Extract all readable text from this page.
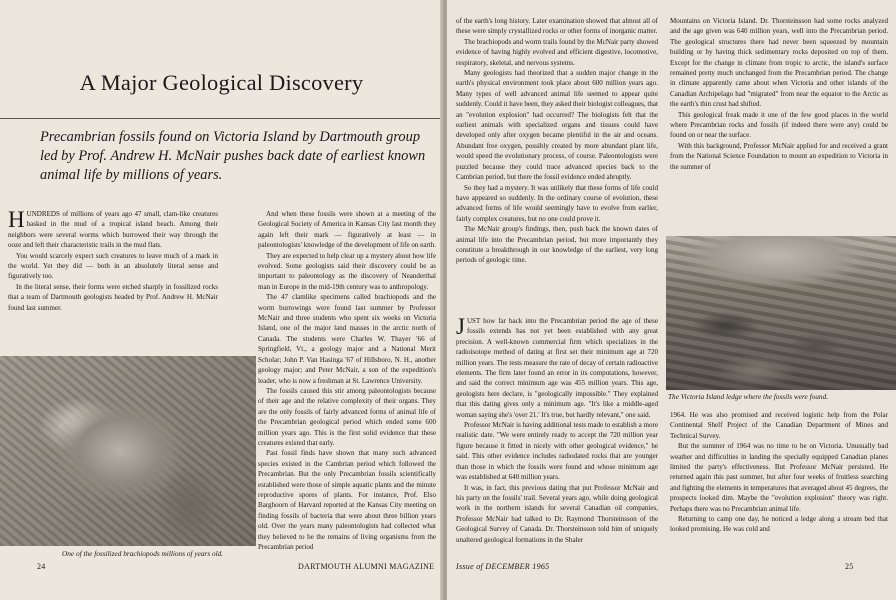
A Major Geological Discovery
Precambrian fossils found on Victoria Island by Dartmouth group led by Prof. Andrew H. McNair pushes back date of earliest known animal life by millions of years.

HUNDREDS of millions of years ago 47 small, clam-like creatures basked in the mud of a tropical island beach. Among their neighbors were several worms which burrowed their way through the ooze and left their characteristic trails in the mud flats.

You would scarcely expect such creatures to leave much of a mark in the world. Yet they did — both in an absolutely literal sense and figuratively too.

In the literal sense, their forms were etched sharply in fossilized rocks that a team of Dartmouth geologists headed by Prof. Andrew H. McNair found last summer.

And when these fossils were shown at a meeting of the Geological Society of America in Kansas City last month they again left their mark — figuratively at least — in paleontologists' knowledge of the development of life on earth.

They are expected to help clear up a mystery about how life evolved. Some geologists said their discovery could be as important to paleontology as the discovery of Neanderthal man in Europe in the mid-19th century was to anthropology.

The 47 clamlike specimens called brachiopods and the worm burrowings were found last summer by Professor McNair and three students who spent six weeks on Victoria Island, one of the major land masses in the arctic north of Canada. The students were Charles W. Thayer '66 of Springfield, Vt., a geology major and a National Merit Scholar; John P. Van Hasinga '67 of Hillsboro, N. H., another geology major; and Peter McNair, a son of the expedition's leader, who is now a freshman at St. Lawrence University.

The fossils caused this stir among paleontologists because of their age and the relative complexity of their organs. They are the only fossils of fairly advanced forms of animal life of the Precambrian geological period which ended some 600 million years ago. This is the first solid evidence that these creatures existed that early.

Past fossil finds have shown that many such advanced species existed in the Cambrian period which followed the Precambrian. But the only Precambrian fossils scientifically established were those of simple aquatic plants and the minute reproductive spores of plants. For instance, Prof. Elso Barghoorn of Harvard reported at the Kansas City meeting on finding fossils of bacteria that were about three billion years old. Over the years many paleontologists had collected what they believed to be the remains of living organisms from the Precambrian period

One of the fossilized brachiopods millions of years old.
24	DARTMOUTH ALUMNI MAGAZINE

of the earth's long history. Later examination showed that almost all of these were simply crystallized rocks or other forms of inorganic matter.

The brachiopods and worm trails found by the McNair party showed evidence of having highly evolved and efficient digestive, locomotive, respiratory, skeletal, and nervous systems.

Many geologists had theorized that a sudden major change in the earth's physical environment took place about 600 million years ago. Many types of well advanced animal life seemed to appear quite suddenly. Could it have been, they asked their biologist colleagues, that an "evolution explosion" had occurred? The biologists felt that the earliest animals with specialized organs and tissues could have developed only after oxygen became plentiful in the air and oceans. Abundant free oxygen, possibly created by more abundant plant life, would speed the evolutionary process, of course. Paleontologists were puzzled because they could trace advanced species back to the Cambrian period, but there the fossil evidence ended abruptly.

So they had a mystery. It was unlikely that these forms of life could have appeared so suddenly. In the ordinary course of evolution, these advanced forms of life would seemingly have to evolve from earlier, fairly complex creatures, but no one could prove it.

The McNair group's findings, then, push back the known dates of animal life into the Precambrian period, but more importantly they constitute a breakthrough in our knowledge of the earliest, very long periods of geologic time.

JUST how far back into the Precambrian period the age of these fossils extends has not yet been established with any great precision. A well-known commercial firm which specializes in the radioisotope method of dating at first set their minimum age at 720 million years. The tests measure the rate of decay of certain radioactive elements. The firm later found an error in its computations, however, and said the correct minimum age was 455 million years. This age, geologists here declare, is "geologically impossible." They explained that this dating gives only a minimum age. "It's like a middle-aged woman saying she's 'over 21.' It's true, but hardly relevant," one said.

Professor McNair is having additional tests made to establish a more realistic date. "We were entirely ready to accept the 720 million year figure because it fitted in nicely with other geological evidence," he said. This other evidence includes radiodated rocks that are younger than those in which the fossils were found and whose minimum age was established at 640 million years.

It was, in fact, this previous dating that put Professor McNair and his party on the fossils' trail. Several years ago, while doing geological work in the northern islands for several Canadian oil companies, Professor McNair had talked to Dr. Raymond Thorsteinsson of the Geological Survey of Canada. Dr. Thorsteinsson told him of uniquely unaltered geological formations in the Shaler

Mountains on Victoria Island. Dr. Thorsteinsson had some rocks analyzed and the age given was 640 million years, well into the Precambrian period. The geological structures there had never been squeezed by mountain building or by having thick sedimentary rocks deposited on top of them. Except for the change in climate from tropic to arctic, the island's surface remained pretty much unchanged from the Precambrian period. The change in climate apparently came about when Victoria and other islands of the Canadian Archipelago had "migrated" from near the equator to the Arctic as the earth's thin crust had shifted.

This geological freak made it one of the few good places in the world where Precambrian rocks and fossils (if indeed there were any) could be found on or near the surface.

With this background, Professor McNair applied for and received a grant from the National Science Foundation to mount an expedition to Victoria in the summer of

The Victoria Island ledge where the fossils were found.

1964. He was also promised and received logistic help from the Polar Continental Shelf Project of the Canadian Department of Mines and Technical Survey.

But the summer of 1964 was no time to be on Victoria. Unusually bad weather and difficulties in landing the specially equipped Canadian planes limited the party's effectiveness. But Professor McNair persisted. He returned again this past summer, but after four weeks of fruitless searching and fighting the elements in temperatures that averaged about 45 degrees, the prospects looked dim. Maybe the "evolution explosion" theory was right. Perhaps there was no Precambrian animal life.

Returning to camp one day, he noticed a ledge along a stream bed that looked promising. He was cold and

Issue of DECEMBER 1965	25
